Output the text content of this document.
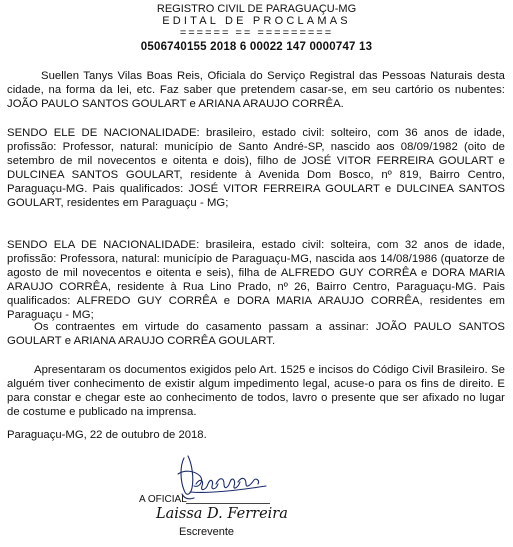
REGISTRO CIVIL DE PARAGUAÇU-MG
EDITAL DE PROCLAMAS
====== == =========
0506740155 2018 6 00022 147 0000747 13

Suellen Tanys Vilas Boas Reis, Oficiala do Serviço Registral das Pessoas Naturais desta cidade, na forma da lei, etc. Faz saber que pretendem casar-se, em seu cartório os nubentes: JOÃO PAULO SANTOS GOULART e ARIANA ARAUJO CORRÊA.

SENDO ELE DE NACIONALIDADE: brasileiro, estado civil: solteiro, com 36 anos de idade, profissão: Professor, natural: município de Santo André-SP, nascido aos 08/09/1982 (oito de setembro de mil novecentos e oitenta e dois), filho de JOSÉ VITOR FERREIRA GOULART e DULCINEA SANTOS GOULART, residente à Avenida Dom Bosco, nº 819, Bairro Centro, Paraguaçu-MG. Pais qualificados: JOSÉ VITOR FERREIRA GOULART e DULCINEA SANTOS GOULART, residentes em Paraguaçu - MG;

SENDO ELA DE NACIONALIDADE: brasileira, estado civil: solteira, com 32 anos de idade, profissão: Professora, natural: município de Paraguaçu-MG, nascida aos 14/08/1986 (quatorze de agosto de mil novecentos e oitenta e seis), filha de ALFREDO GUY CORRÊA e DORA MARIA ARAUJO CORRÊA, residente à Rua Lino Prado, nº 26, Bairro Centro, Paraguaçu-MG. Pais qualificados: ALFREDO GUY CORRÊA e DORA MARIA ARAUJO CORRÊA, residentes em Paraguaçu - MG;

Os contraentes em virtude do casamento passam a assinar: JOÃO PAULO SANTOS GOULART e ARIANA ARAUJO CORRÊA GOULART.

Apresentaram os documentos exigidos pelo Art. 1525 e incisos do Código Civil Brasileiro. Se alguém tiver conhecimento de existir algum impedimento legal, acuse-o para os fins de direito. E para constar e chegar este ao conhecimento de todos, lavro o presente que ser afixado no lugar de costume e publicado na imprensa.

Paraguaçu-MG, 22 de outubro de 2018.
A OFICIAL
Laissa D. Ferreira
Escrevente
